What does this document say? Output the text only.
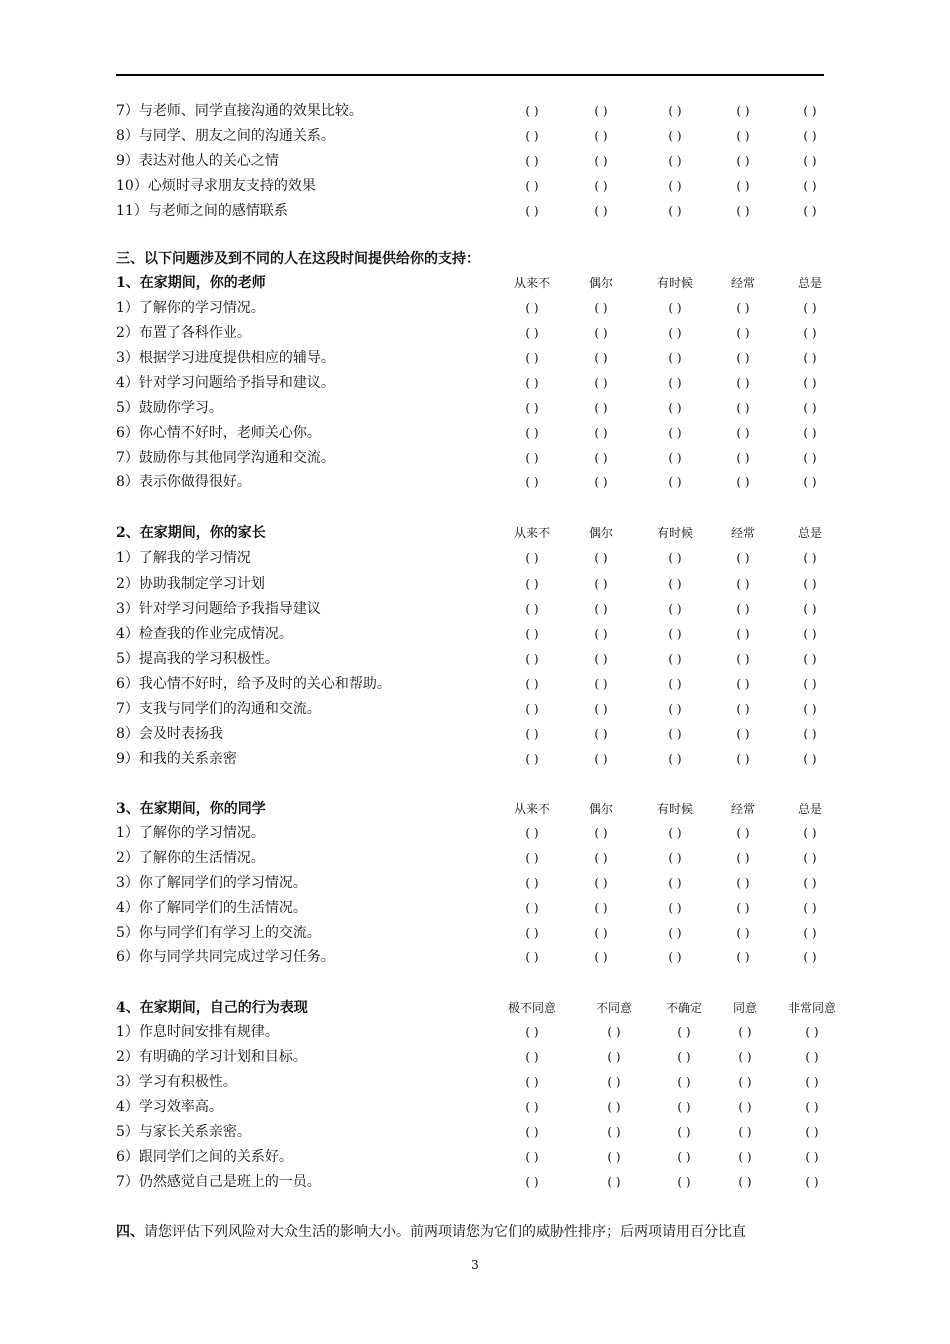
7）与老师、同学直接沟通的效果比较。	( )	( )	( )	( )	( )
8）与同学、朋友之间的沟通关系。	( )	( )	( )	( )	( )
9）表达对他人的关心之情	( )	( )	( )	( )	( )
10）心烦时寻求朋友支持的效果	( )	( )	( )	( )	( )
11）与老师之间的感情联系	( )	( )	( )	( )	( )
三、以下问题涉及到不同的人在这段时间提供给你的支持：
1、在家期间，你的老师	从来不	偶尔	有时候	经常	总是
1）了解你的学习情况。	( )	( )	( )	( )	( )
2）布置了各科作业。	( )	( )	( )	( )	( )
3）根据学习进度提供相应的辅导。	( )	( )	( )	( )	( )
4）针对学习问题给予指导和建议。	( )	( )	( )	( )	( )
5）鼓励你学习。	( )	( )	( )	( )	( )
6）你心情不好时，老师关心你。	( )	( )	( )	( )	( )
7）鼓励你与其他同学沟通和交流。	( )	( )	( )	( )	( )
8）表示你做得很好。	( )	( )	( )	( )	( )
2、在家期间，你的家长	从来不	偶尔	有时候	经常	总是
1）了解我的学习情况	( )	( )	( )	( )	( )
2）协助我制定学习计划	( )	( )	( )	( )	( )
3）针对学习问题给予我指导建议	( )	( )	( )	( )	( )
4）检查我的作业完成情况。	( )	( )	( )	( )	( )
5）提高我的学习积极性。	( )	( )	( )	( )	( )
6）我心情不好时，给予及时的关心和帮助。	( )	( )	( )	( )	( )
7）支我与同学们的沟通和交流。	( )	( )	( )	( )	( )
8）会及时表扬我	( )	( )	( )	( )	( )
9）和我的关系亲密	( )	( )	( )	( )	( )
3、在家期间，你的同学	从来不	偶尔	有时候	经常	总是
1）了解你的学习情况。	( )	( )	( )	( )	( )
2）了解你的生活情况。	( )	( )	( )	( )	( )
3）你了解同学们的学习情况。	( )	( )	( )	( )	( )
4）你了解同学们的生活情况。	( )	( )	( )	( )	( )
5）你与同学们有学习上的交流。	( )	( )	( )	( )	( )
6）你与同学共同完成过学习任务。	( )	( )	( )	( )	( )
4、在家期间，自己的行为表现	极不同意	不同意	不确定	同意	非常同意
1）作息时间安排有规律。	( )	( )	( )	( )	( )
2）有明确的学习计划和目标。	( )	( )	( )	( )	( )
3）学习有积极性。	( )	( )	( )	( )	( )
4）学习效率高。	( )	( )	( )	( )	( )
5）与家长关系亲密。	( )	( )	( )	( )	( )
6）跟同学们之间的关系好。	( )	( )	( )	( )	( )
7）仍然感觉自己是班上的一员。	( )	( )	( )	( )	( )
四、请您评估下列风险对大众生活的影响大小。前两项请您为它们的威胁性排序；后两项请用百分比直
3
